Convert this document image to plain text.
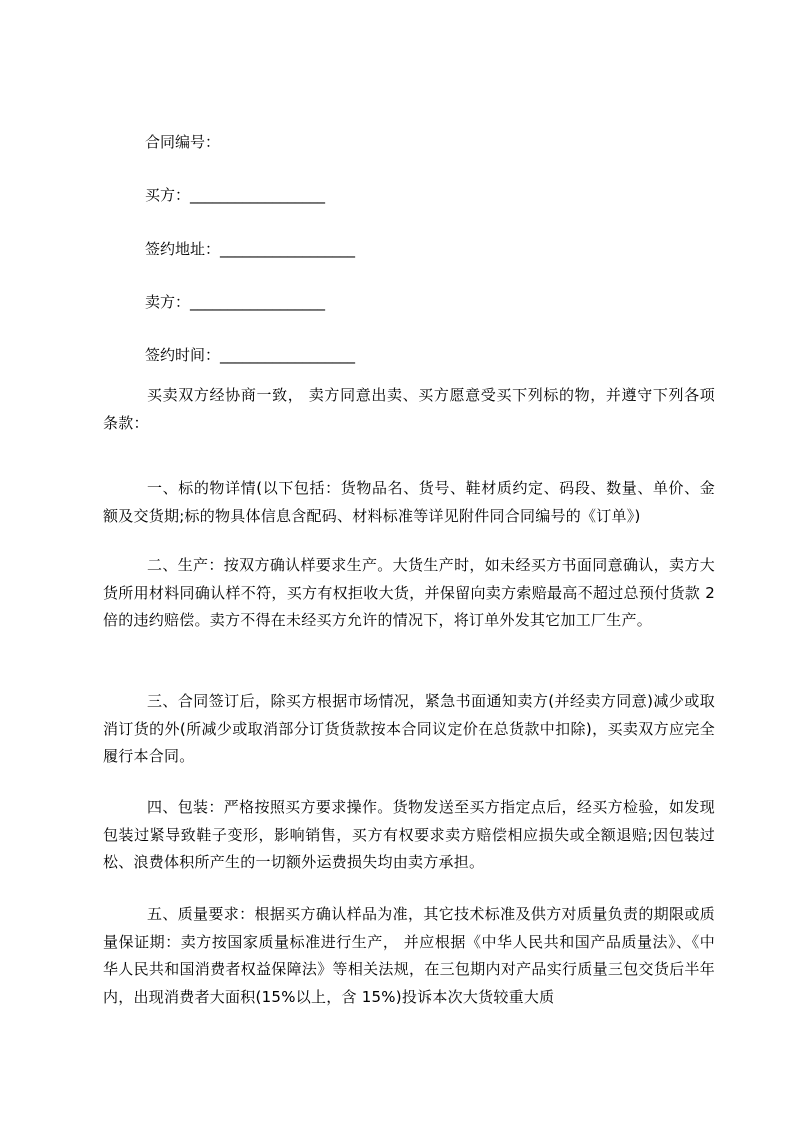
合同编号：
买方：__________________
签约地址：__________________
卖方：__________________
签约时间：__________________

买卖双方经协商一致， 卖方同意出卖、买方愿意受买下列标的物，并遵守下列各项条款：

一、标的物详情(以下包括：货物品名、货号、鞋材质约定、码段、数量、单价、金额及交货期;标的物具体信息含配码、材料标准等详见附件同合同编号的《订单》)

二、生产：按双方确认样要求生产。大货生产时，如未经买方书面同意确认，卖方大货所用材料同确认样不符，买方有权拒收大货，并保留向卖方索赔最高不超过总预付货款 2 倍的违约赔偿。卖方不得在未经买方允许的情况下，将订单外发其它加工厂生产。

三、合同签订后，除买方根据市场情况，紧急书面通知卖方(并经卖方同意)减少或取消订货的外(所减少或取消部分订货货款按本合同议定价在总货款中扣除)，买卖双方应完全履行本合同。

四、包装：严格按照买方要求操作。货物发送至买方指定点后，经买方检验，如发现包装过紧导致鞋子变形，影响销售，买方有权要求卖方赔偿相应损失或全额退赔;因包装过松、浪费体积所产生的一切额外运费损失均由卖方承担。

五、质量要求：根据买方确认样品为准，其它技术标准及供方对质量负责的期限或质量保证期：卖方按国家质量标准进行生产， 并应根据《中华人民共和国产品质量法》、《中华人民共和国消费者权益保障法》等相关法规，在三包期内对产品实行质量三包交货后半年内，出现消费者大面积(15%以上，含 15%)投诉本次大货较重大质
